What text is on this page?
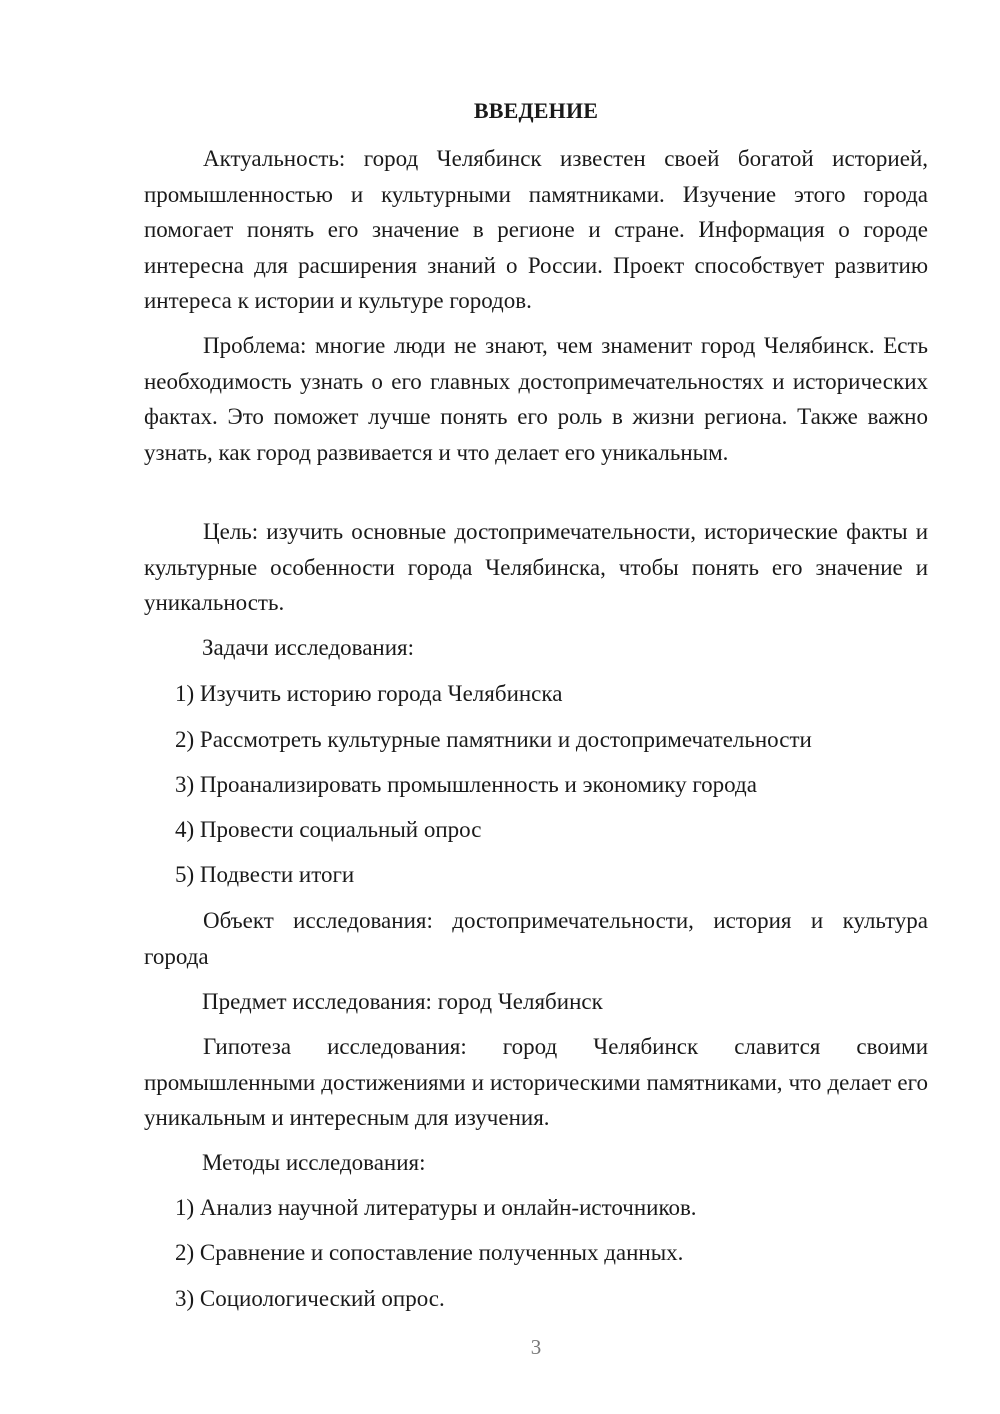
ВВЕДЕНИЕ

Актуальность: город Челябинск известен своей богатой историей, промышленностью и культурными памятниками. Изучение этого города помогает понять его значение в регионе и стране. Информация о городе интересна для расширения знаний о России. Проект способствует развитию интереса к истории и культуре городов.

Проблема: многие люди не знают, чем знаменит город Челябинск. Есть необходимость узнать о его главных достопримечательностях и исторических фактах. Это поможет лучше понять его роль в жизни региона. Также важно узнать, как город развивается и что делает его уникальным.

Цель: изучить основные достопримечательности, исторические факты и культурные особенности города Челябинска, чтобы понять его значение и уникальность.

Задачи исследования:
1) Изучить историю города Челябинска
2) Рассмотреть культурные памятники и достопримечательности
3) Проанализировать промышленность и экономику города
4) Провести социальный опрос
5) Подвести итоги

Объект исследования: достопримечательности, история и культура города

Предмет исследования: город Челябинск

Гипотеза исследования: город Челябинск славится своими промышленными достижениями и историческими памятниками, что делает его уникальным и интересным для изучения.

Методы исследования:
1) Анализ научной литературы и онлайн-источников.
2) Сравнение и сопоставление полученных данных.
3) Социологический опрос.
3
